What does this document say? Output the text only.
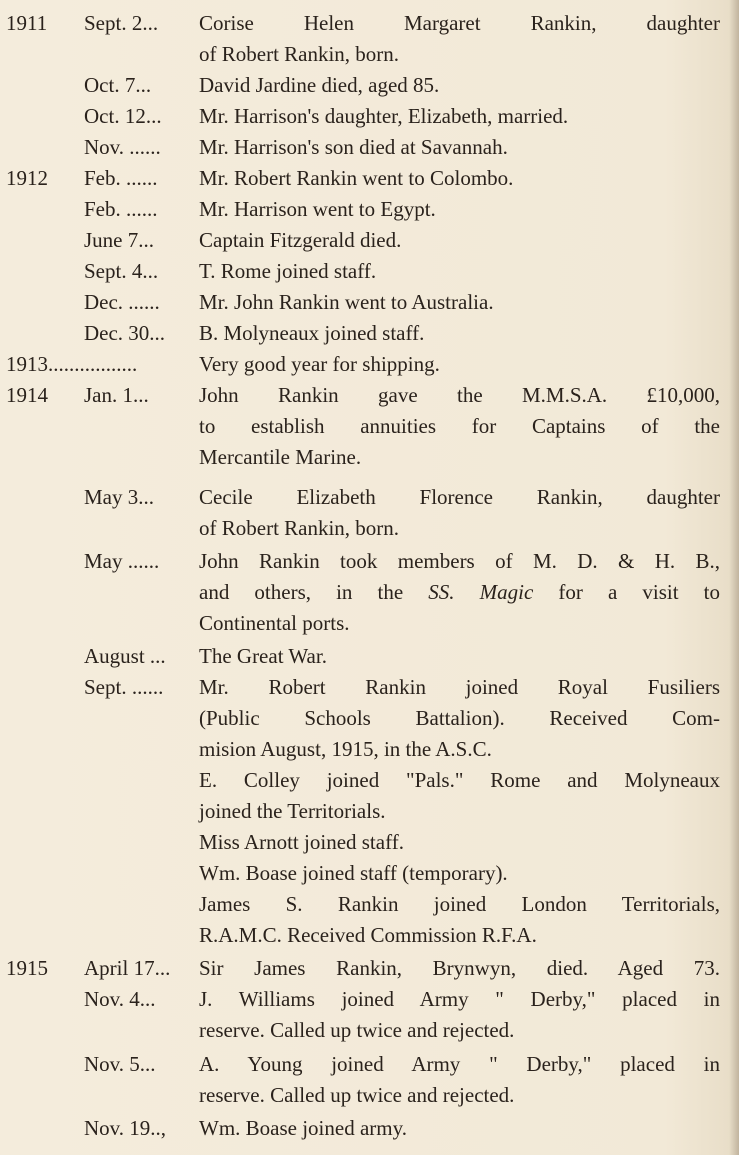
1911 Sept. 2... Corise Helen Margaret Rankin, daughter
of Robert Rankin, born.
Oct. 7... David Jardine died, aged 85.
Oct. 12... Mr. Harrison's daughter, Elizabeth, married.
Nov. ...... Mr. Harrison's son died at Savannah.
1912 Feb. ...... Mr. Robert Rankin went to Colombo.
Feb. ...... Mr. Harrison went to Egypt.
June 7... Captain Fitzgerald died.
Sept. 4... T. Rome joined staff.
Dec. ...... Mr. John Rankin went to Australia.
Dec. 30... B. Molyneaux joined staff.
1913.................	Very good year for shipping.
1914 Jan. 1... John Rankin gave the M.M.S.A. £10,000,
to establish annuities for Captains of the
Mercantile Marine.
May 3... Cecile Elizabeth Florence Rankin, daughter
of Robert Rankin, born.
May ...... John Rankin took members of M. D. & H. B.,
and others, in the SS. Magic for a visit to
Continental ports.
August ... The Great War.
Sept. ...... Mr. Robert Rankin joined Royal Fusiliers
(Public Schools Battalion). Received Com-
mision August, 1915, in the A.S.C.
E. Colley joined "Pals." Rome and Molyneaux
joined the Territorials.
Miss Arnott joined staff.
Wm. Boase joined staff (temporary).
James S. Rankin joined London Territorials,
R.A.M.C. Received Commission R.F.A.
1915 April 17... Sir James Rankin, Brynwyn, died. Aged 73.
Nov. 4... J. Williams joined Army " Derby," placed in
reserve. Called up twice and rejected.
Nov. 5... A. Young joined Army " Derby," placed in
reserve. Called up twice and rejected.
Nov. 19.., Wm. Boase joined army.
